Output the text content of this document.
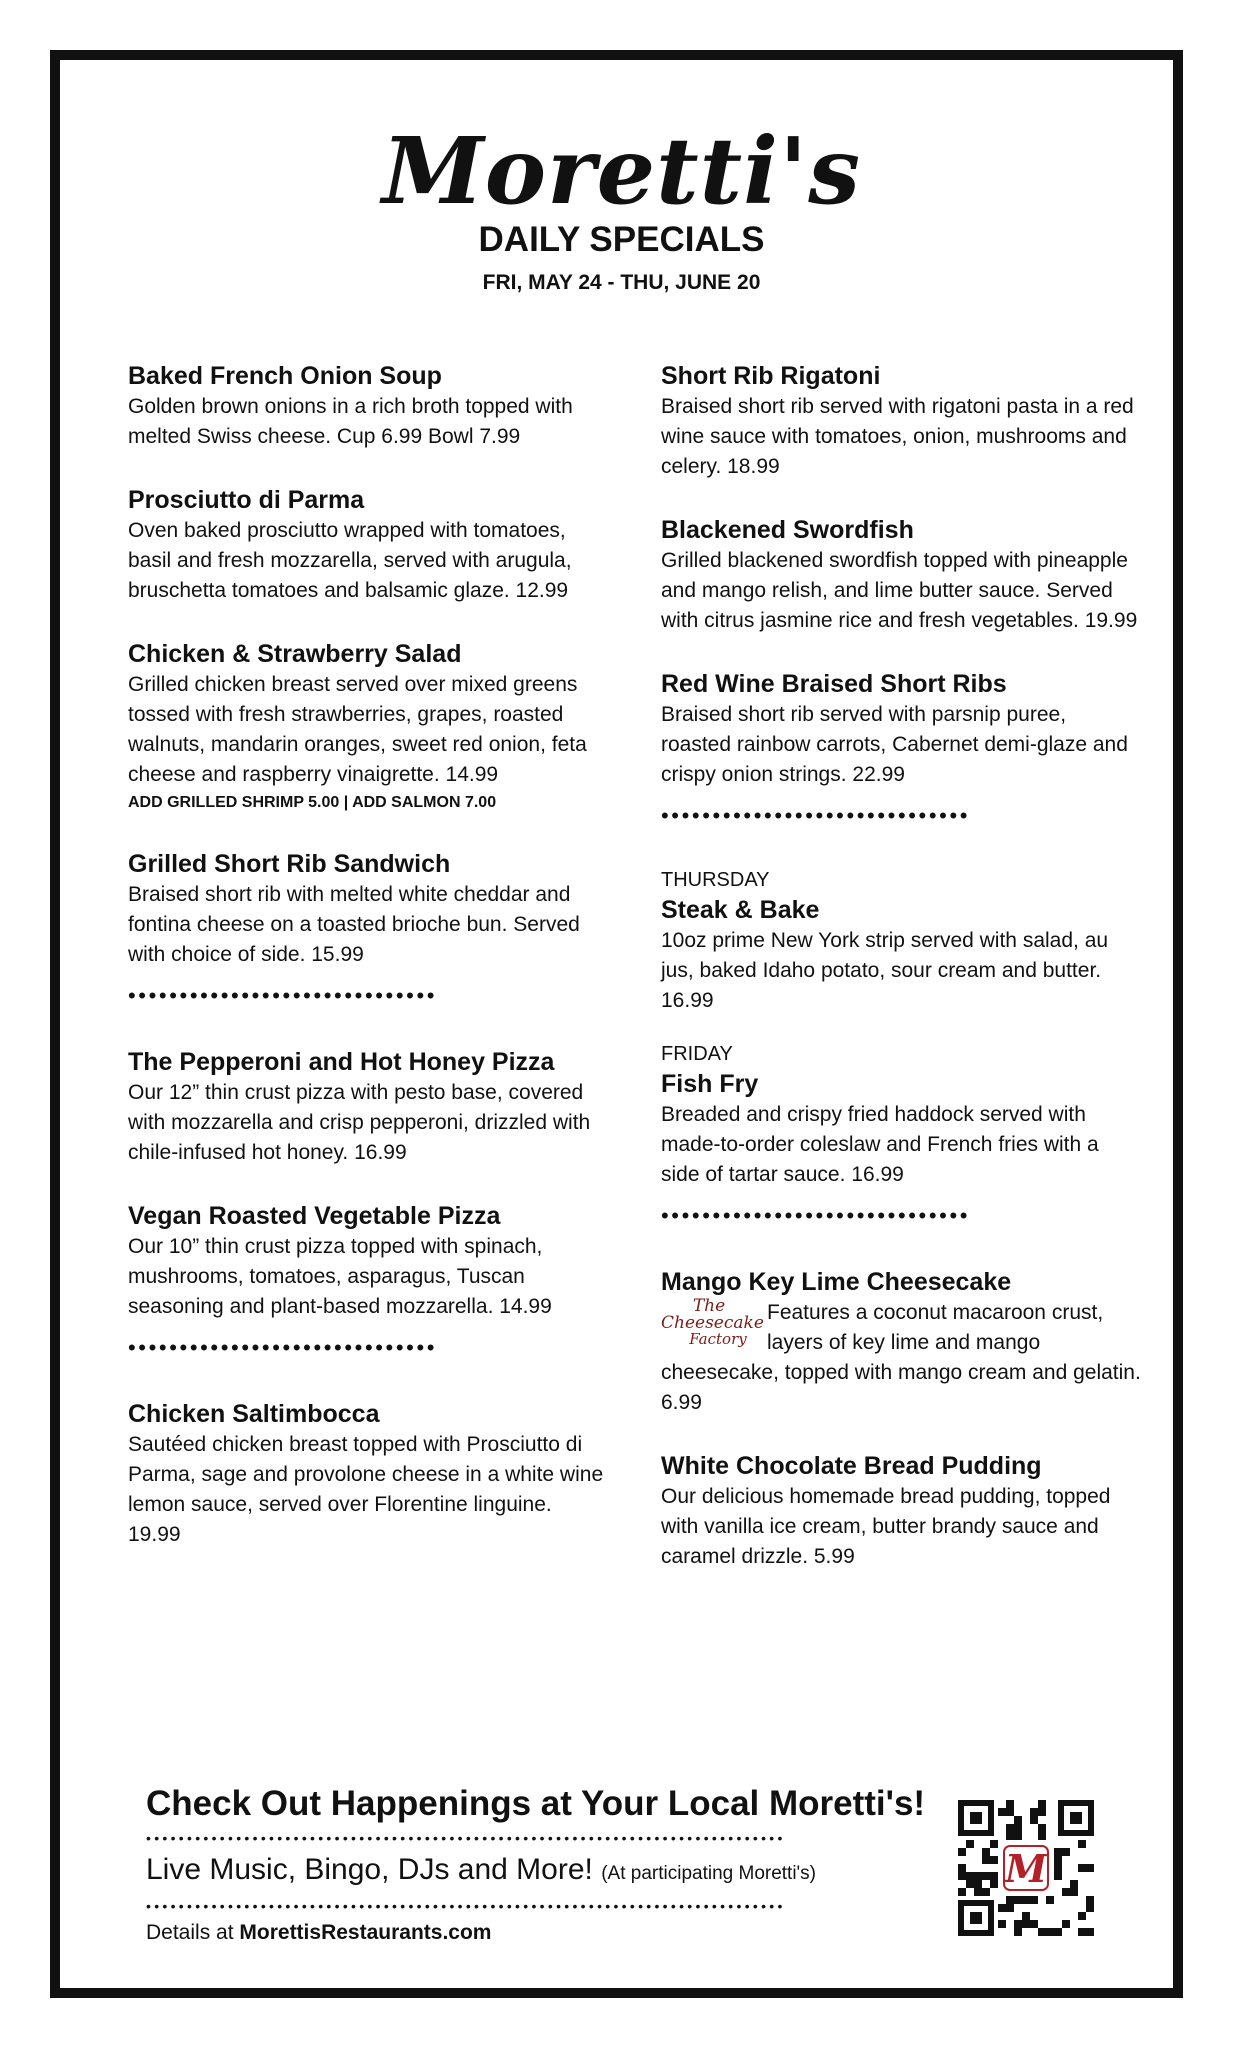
Moretti's
DAILY SPECIALS
FRI, MAY 24 - THU, JUNE 20

Baked French Onion Soup

Golden brown onions in a rich broth topped with melted Swiss cheese. Cup 6.99 Bowl 7.99

Prosciutto di Parma

Oven baked prosciutto wrapped with tomatoes, basil and fresh mozzarella, served with arugula, bruschetta tomatoes and balsamic glaze. 12.99

Chicken & Strawberry Salad

Grilled chicken breast served over mixed greens tossed with fresh strawberries, grapes, roasted walnuts, mandarin oranges, sweet red onion, feta cheese and raspberry vinaigrette. 14.99

ADD GRILLED SHRIMP 5.00 | ADD SALMON 7.00

Grilled Short Rib Sandwich

Braised short rib with melted white cheddar and fontina cheese on a toasted brioche bun. Served with choice of side. 15.99

••••••••••••••••••••••••••••••

The Pepperoni and Hot Honey Pizza

Our 12” thin crust pizza with pesto base, covered with mozzarella and crisp pepperoni, drizzled with chile-infused hot honey. 16.99

Vegan Roasted Vegetable Pizza

Our 10” thin crust pizza topped with spinach, mushrooms, tomatoes, asparagus, Tuscan seasoning and plant-based mozzarella. 14.99

••••••••••••••••••••••••••••••

Chicken Saltimbocca

Sautéed chicken breast topped with Prosciutto di Parma, sage and provolone cheese in a white wine lemon sauce, served over Florentine linguine. 19.99

Short Rib Rigatoni

Braised short rib served with rigatoni pasta in a red wine sauce with tomatoes, onion, mushrooms and celery. 18.99

Blackened Swordfish

Grilled blackened swordfish topped with pineapple and mango relish, and lime butter sauce. Served with citrus jasmine rice and fresh vegetables. 19.99

Red Wine Braised Short Ribs

Braised short rib served with parsnip puree, roasted rainbow carrots, Cabernet demi-glaze and crispy onion strings. 22.99

••••••••••••••••••••••••••••••

THURSDAY

Steak & Bake

10oz prime New York strip served with salad, au jus, baked Idaho potato, sour cream and butter. 16.99

FRIDAY

Fish Fry

Breaded and crispy fried haddock served with made-to-order coleslaw and French fries with a side of tartar sauce. 16.99

••••••••••••••••••••••••••••••

Mango Key Lime Cheesecake

The Cheesecake
Factory

Features a coconut macaroon crust, layers of key lime and mango cheesecake, topped with mango cream and gelatin. 6.99

White Chocolate Bread Pudding

Our delicious homemade bread pudding, topped with vanilla ice cream, butter brandy sauce and caramel drizzle. 5.99

Check Out Happenings at Your Local Moretti's!

••••••••••••••••••••••••••••••••••••••••••••••••••••••••••••••••••••••••••••••

Live Music, Bingo, DJs and More! (At participating Moretti's)

••••••••••••••••••••••••••••••••••••••••••••••••••••••••••••••••••••••••••••••

Details at MorettisRestaurants.com

M
